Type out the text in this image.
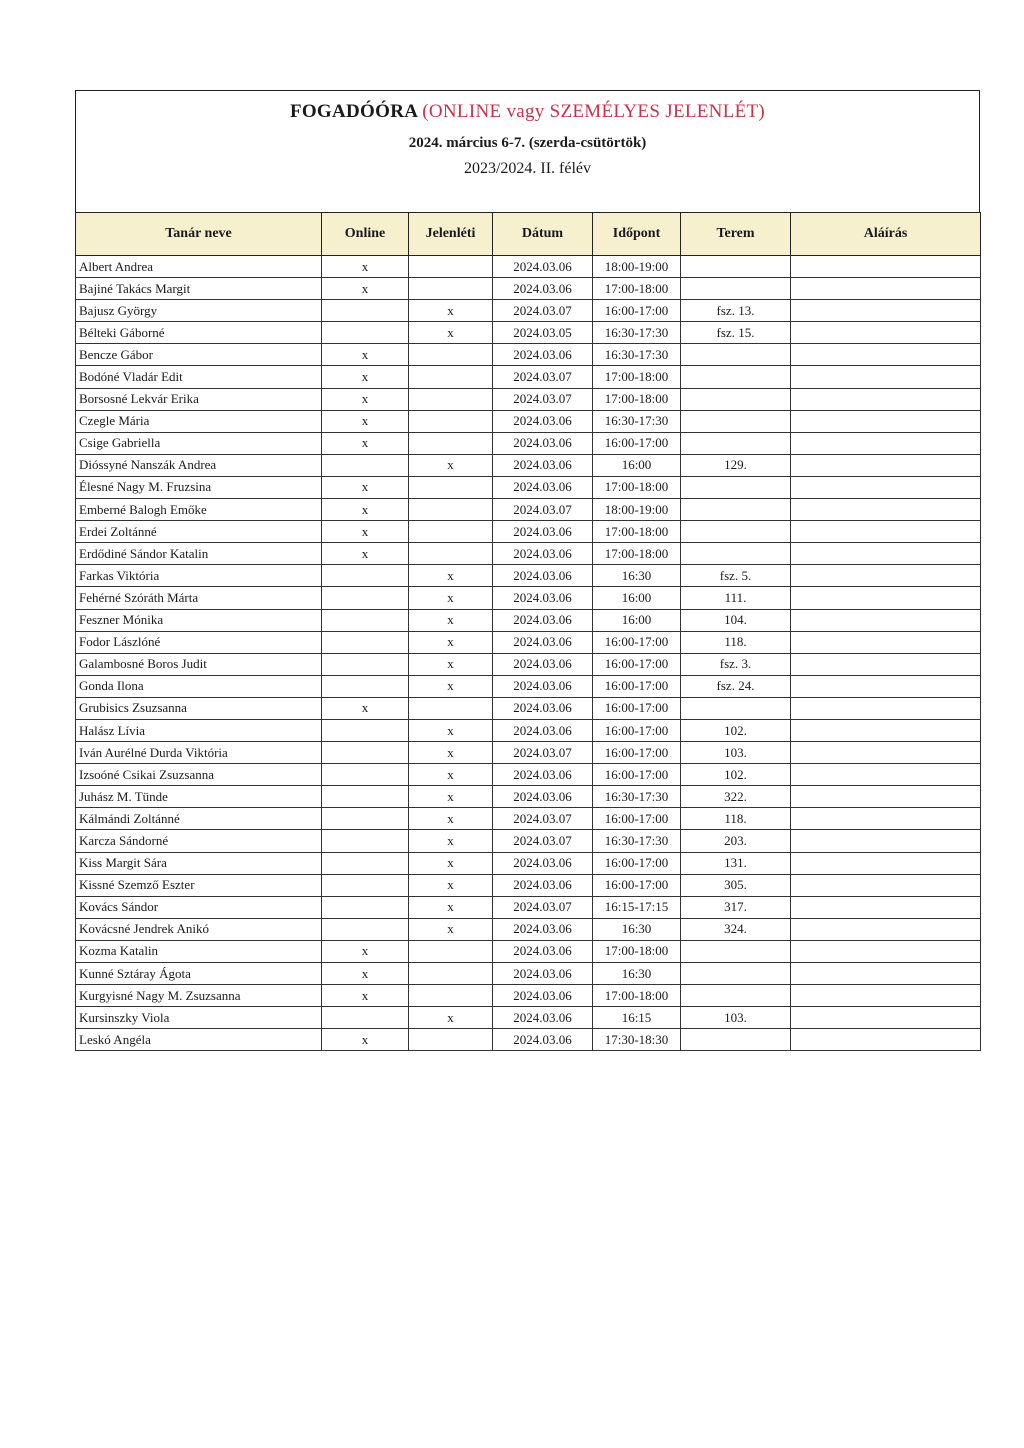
FOGADÓÓRA (ONLINE vagy SZEMÉLYES JELENLÉT)
2024. március 6-7. (szerda-csütörtök)
2023/2024. II. félév
Tanár neve	Online	Jelenléti	Dátum	Időpont	Terem	Aláírás
Albert Andrea	x		2024.03.06	18:00-19:00		
Bajiné Takács Margit	x		2024.03.06	17:00-18:00		
Bajusz György		x	2024.03.07	16:00-17:00	fsz. 13.	
Bélteki Gáborné		x	2024.03.05	16:30-17:30	fsz. 15.	
Bencze Gábor	x		2024.03.06	16:30-17:30		
Bodóné Vladár Edit	x		2024.03.07	17:00-18:00		
Borsosné Lekvár Erika	x		2024.03.07	17:00-18:00		
Czegle Mária	x		2024.03.06	16:30-17:30		
Csige Gabriella	x		2024.03.06	16:00-17:00		
Dióssyné Nanszák Andrea		x	2024.03.06	16:00	129.	
Élesné Nagy M. Fruzsina	x		2024.03.06	17:00-18:00		
Emberné Balogh Emőke	x		2024.03.07	18:00-19:00		
Erdei Zoltánné	x		2024.03.06	17:00-18:00		
Erdődiné Sándor Katalin	x		2024.03.06	17:00-18:00		
Farkas Viktória		x	2024.03.06	16:30	fsz. 5.	
Fehérné Szóráth Márta		x	2024.03.06	16:00	111.	
Feszner Mónika		x	2024.03.06	16:00	104.	
Fodor Lászlóné		x	2024.03.06	16:00-17:00	118.	
Galambosné Boros Judit		x	2024.03.06	16:00-17:00	fsz. 3.	
Gonda Ilona		x	2024.03.06	16:00-17:00	fsz. 24.	
Grubisics Zsuzsanna	x		2024.03.06	16:00-17:00		
Halász Lívia		x	2024.03.06	16:00-17:00	102.	
Iván Aurélné Durda Viktória		x	2024.03.07	16:00-17:00	103.	
Izsoóné Csikai Zsuzsanna		x	2024.03.06	16:00-17:00	102.	
Juhász M. Tünde		x	2024.03.06	16:30-17:30	322.	
Kálmándi Zoltánné		x	2024.03.07	16:00-17:00	118.	
Karcza Sándorné		x	2024.03.07	16:30-17:30	203.	
Kiss Margit Sára		x	2024.03.06	16:00-17:00	131.	
Kissné Szemző Eszter		x	2024.03.06	16:00-17:00	305.	
Kovács Sándor		x	2024.03.07	16:15-17:15	317.	
Kovácsné Jendrek Anikó		x	2024.03.06	16:30	324.	
Kozma Katalin	x		2024.03.06	17:00-18:00		
Kunné Sztáray Ágota	x		2024.03.06	16:30		
Kurgyisné Nagy M. Zsuzsanna	x		2024.03.06	17:00-18:00		
Kursinszky Viola		x	2024.03.06	16:15	103.	
Leskó Angéla	x		2024.03.06	17:30-18:30		
